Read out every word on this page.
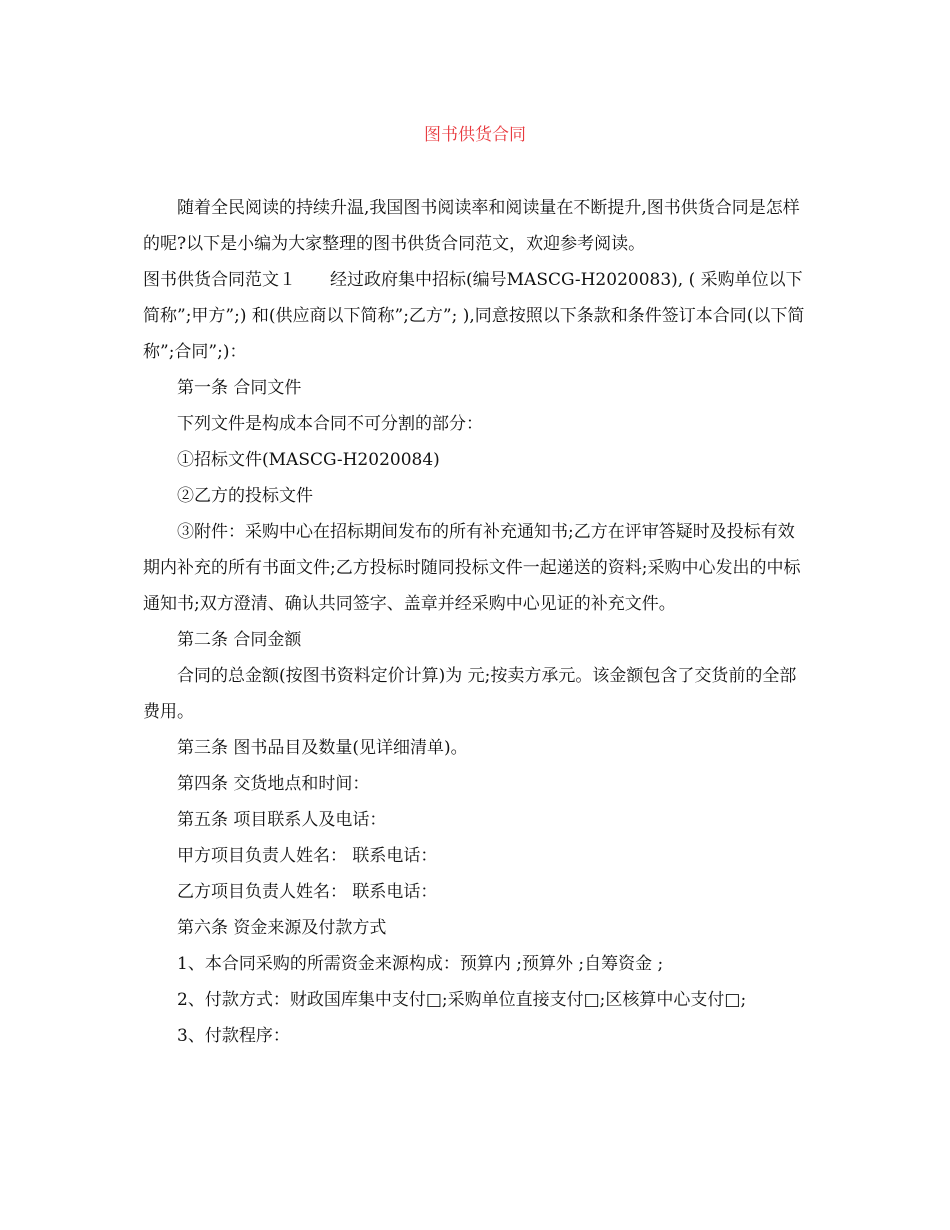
图书供货合同

随着全民阅读的持续升温,我国图书阅读率和阅读量在不断提升,图书供货合同是怎样的呢?以下是小编为大家整理的图书供货合同范文，欢迎参考阅读。

图书供货合同范文１　　经过政府集中招标(编号MASCG-H2020083), ( 采购单位以下简称”;甲方”;) 和(供应商以下简称”;乙方”; ),同意按照以下条款和条件签订本合同(以下简称”;合同”;)：

第一条 合同文件

下列文件是构成本合同不可分割的部分：

①招标文件(MASCG-H2020084)

②乙方的投标文件

③附件：采购中心在招标期间发布的所有补充通知书;乙方在评审答疑时及投标有效期内补充的所有书面文件;乙方投标时随同投标文件一起递送的资料;采购中心发出的中标通知书;双方澄清、确认共同签字、盖章并经采购中心见证的补充文件。

第二条 合同金额

合同的总金额(按图书资料定价计算)为 元;按卖方承元。该金额包含了交货前的全部费用。

第三条 图书品目及数量(见详细清单)。

第四条 交货地点和时间：

第五条 项目联系人及电话：

甲方项目负责人姓名： 联系电话：

乙方项目负责人姓名： 联系电话：

第六条 资金来源及付款方式

1、本合同采购的所需资金来源构成：预算内 ;预算外 ;自筹资金 ;

2、付款方式：财政国库集中支付□;采购单位直接支付□;区核算中心支付□;

3、付款程序：
